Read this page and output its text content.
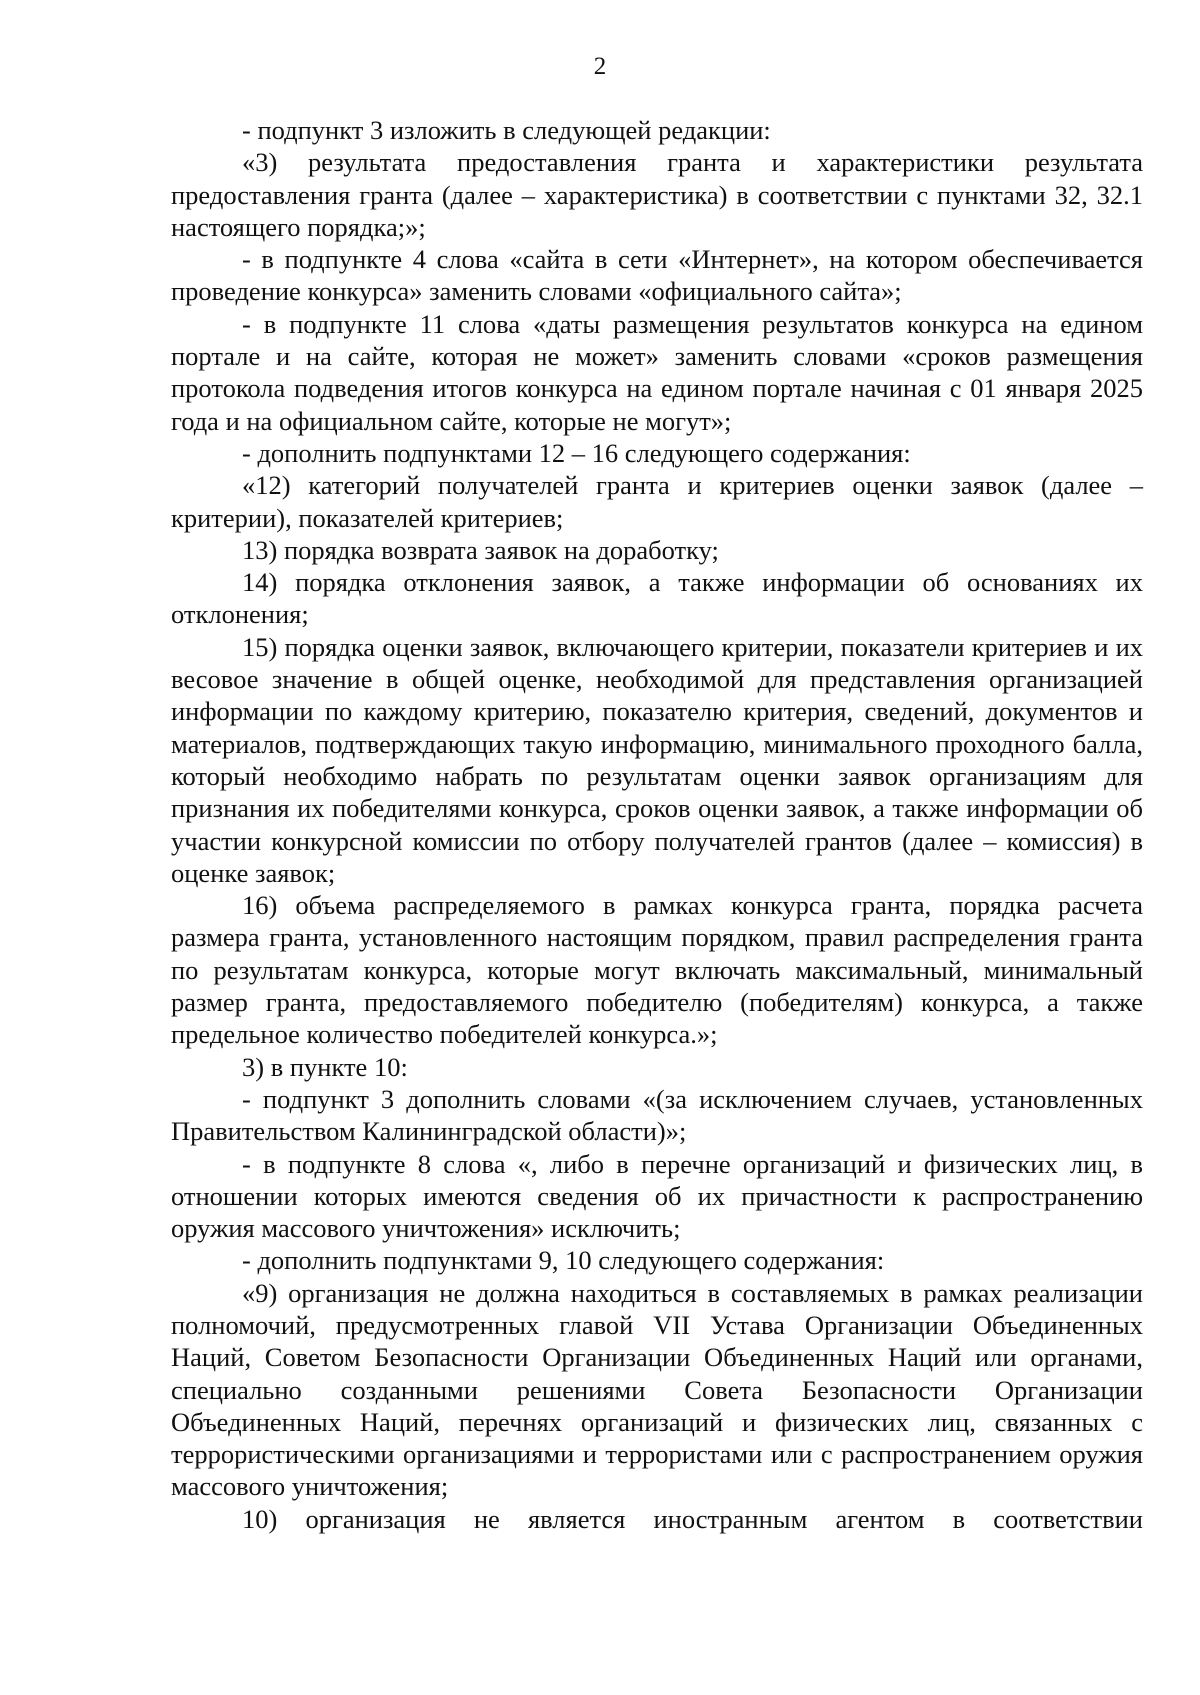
2

- подпункт 3 изложить в следующей редакции:

«3) результата предоставления гранта и характеристики результата предоставления гранта (далее – характеристика) в соответствии с пунктами 32, 32.1 настоящего порядка;»;

- в подпункте 4 слова «сайта в сети «Интернет», на котором обеспечивается проведение конкурса» заменить словами «официального сайта»;

- в подпункте 11 слова «даты размещения результатов конкурса на едином портале и на сайте, которая не может» заменить словами «сроков размещения протокола подведения итогов конкурса на едином портале начиная с 01 января 2025 года и на официальном сайте, которые не могут»;

- дополнить подпунктами 12 – 16 следующего содержания:

«12) категорий получателей гранта и критериев оценки заявок (далее – критерии), показателей критериев;

13) порядка возврата заявок на доработку;

14) порядка отклонения заявок, а также информации об основаниях их отклонения;

15) порядка оценки заявок, включающего критерии, показатели критериев и их весовое значение в общей оценке, необходимой для представления организацией информации по каждому критерию, показателю критерия, сведений, документов и материалов, подтверждающих такую информацию, минимального проходного балла, который необходимо набрать по результатам оценки заявок организациям для признания их победителями конкурса, сроков оценки заявок, а также информации об участии конкурсной комиссии по отбору получателей грантов (далее – комиссия) в оценке заявок;

16) объема распределяемого в рамках конкурса гранта, порядка расчета размера гранта, установленного настоящим порядком, правил распределения гранта по результатам конкурса, которые могут включать максимальный, минимальный размер гранта, предоставляемого победителю (победителям) конкурса, а также предельное количество победителей конкурса.»;

3) в пункте 10:

- подпункт 3 дополнить словами «(за исключением случаев, установленных Правительством Калининградской области)»;

- в подпункте 8 слова «, либо в перечне организаций и физических лиц, в отношении которых имеются сведения об их причастности к распространению оружия массового уничтожения» исключить;

- дополнить подпунктами 9, 10 следующего содержания:

«9) организация не должна находиться в составляемых в рамках реализации полномочий, предусмотренных главой VII Устава Организации Объединенных Наций, Советом Безопасности Организации Объединенных Наций или органами, специально созданными решениями Совета Безопасности Организации Объединенных Наций, перечнях организаций и физических лиц, связанных с террористическими организациями и террористами или с распространением оружия массового уничтожения;

10) организация не является иностранным агентом в соответствии
